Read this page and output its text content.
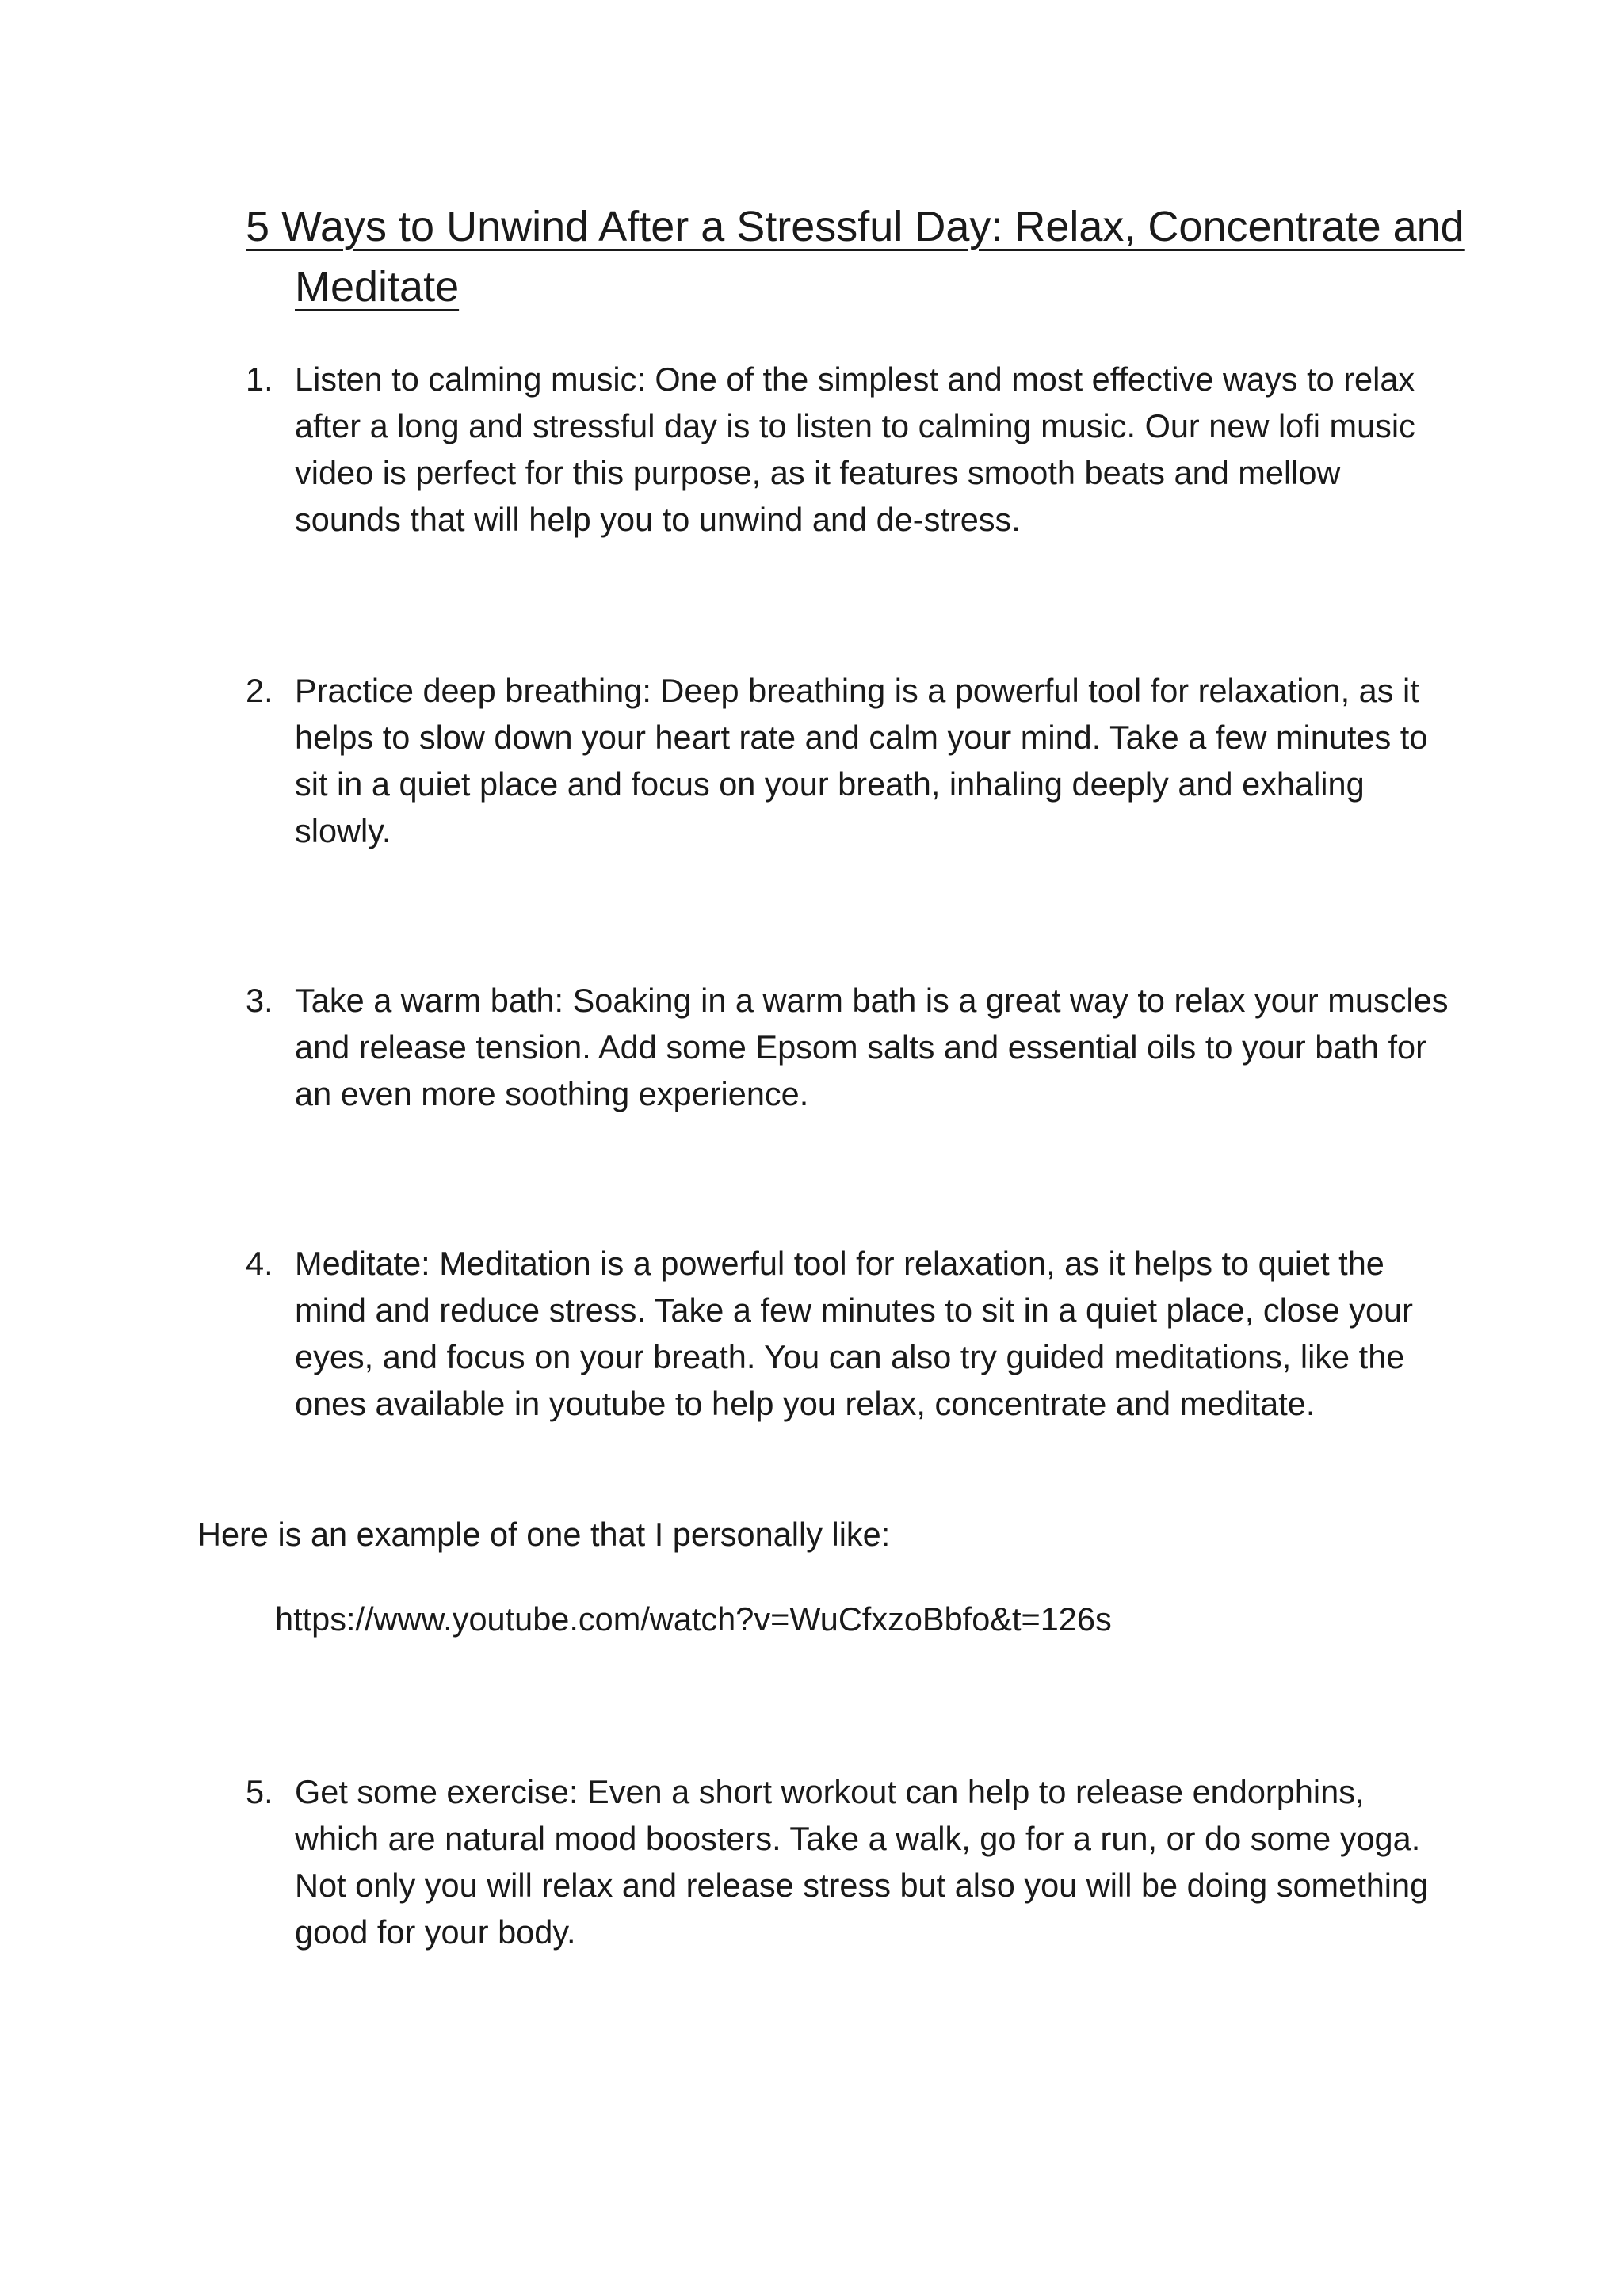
5 Ways to Unwind After a Stressful Day: Relax, Concentrate and Meditate
1. Listen to calming music: One of the simplest and most effective ways to relax after a long and stressful day is to listen to calming music. Our new lofi music video is perfect for this purpose, as it features smooth beats and mellow sounds that will help you to unwind and de-stress.
2. Practice deep breathing: Deep breathing is a powerful tool for relaxation, as it helps to slow down your heart rate and calm your mind. Take a few minutes to sit in a quiet place and focus on your breath, inhaling deeply and exhaling slowly.
3. Take a warm bath: Soaking in a warm bath is a great way to relax your muscles and release tension. Add some Epsom salts and essential oils to your bath for an even more soothing experience.
4. Meditate: Meditation is a powerful tool for relaxation, as it helps to quiet the mind and reduce stress. Take a few minutes to sit in a quiet place, close your eyes, and focus on your breath. You can also try guided meditations, like the ones available in youtube to help you relax, concentrate and meditate.

Here is an example of one that I personally like:

https://www.youtube.com/watch?v=WuCfxzoBbfo&t=126s

5. Get some exercise: Even a short workout can help to release endorphins, which are natural mood boosters. Take a walk, go for a run, or do some yoga. Not only you will relax and release stress but also you will be doing something good for your body.
